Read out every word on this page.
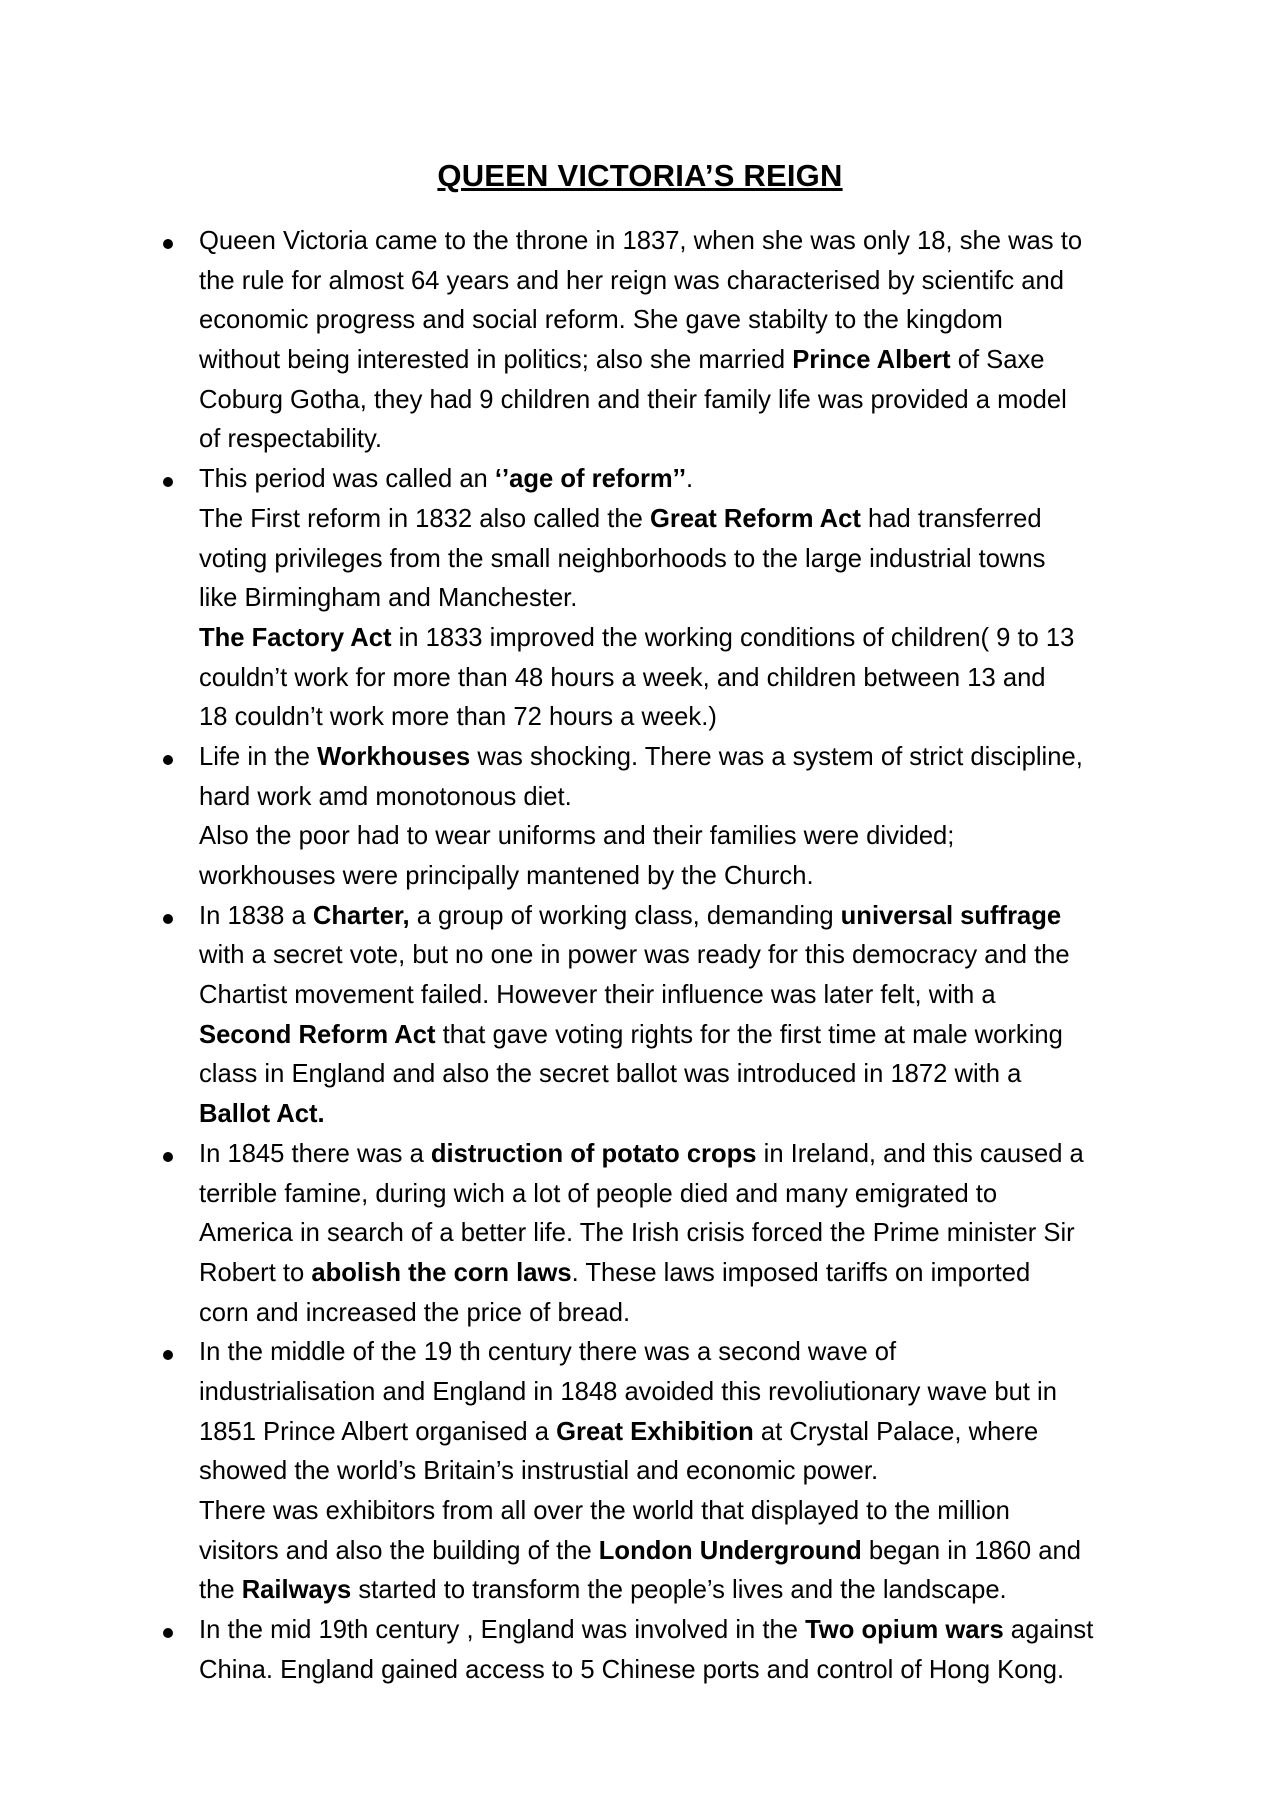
QUEEN VICTORIA’S REIGN
Queen Victoria came to the throne in 1837, when she was only 18, she was to
the rule for almost 64 years and her reign was characterised by scientifc and
economic progress and social reform. She gave stabilty to the kingdom
without being interested in politics; also she married Prince Albert of Saxe
Coburg Gotha, they had 9 children and their family life was provided a model
of respectability.
This period was called an ‘’age of reform’’.
The First reform in 1832 also called the Great Reform Act had transferred
voting privileges from the small neighborhoods to the large industrial towns
like Birmingham and Manchester.
The Factory Act in 1833 improved the working conditions of children( 9 to 13
couldn’t work for more than 48 hours a week, and children between 13 and
18 couldn’t work more than 72 hours a week.)
Life in the Workhouses was shocking. There was a system of strict discipline,
hard work amd monotonous diet.
Also the poor had to wear uniforms and their families were divided;
workhouses were principally mantened by the Church.
In 1838 a Charter, a group of working class, demanding universal suffrage
with a secret vote, but no one in power was ready for this democracy and the
Chartist movement failed. However their influence was later felt, with a
Second Reform Act that gave voting rights for the first time at male working
class in England and also the secret ballot was introduced in 1872 with a
Ballot Act.
In 1845 there was a distruction of potato crops in Ireland, and this caused a
terrible famine, during wich a lot of people died and many emigrated to
America in search of a better life. The Irish crisis forced the Prime minister Sir
Robert to abolish the corn laws. These laws imposed tariffs on imported
corn and increased the price of bread.
In the middle of the 19 th century there was a second wave of
industrialisation and England in 1848 avoided this revoliutionary wave but in
1851 Prince Albert organised a Great Exhibition at Crystal Palace, where
showed the world’s Britain’s instrustial and economic power.
There was exhibitors from all over the world that displayed to the million
visitors and also the building of the London Underground began in 1860 and
the Railways started to transform the people’s lives and the landscape.
In the mid 19th century , England was involved in the Two opium wars against
China. England gained access to 5 Chinese ports and control of Hong Kong.
